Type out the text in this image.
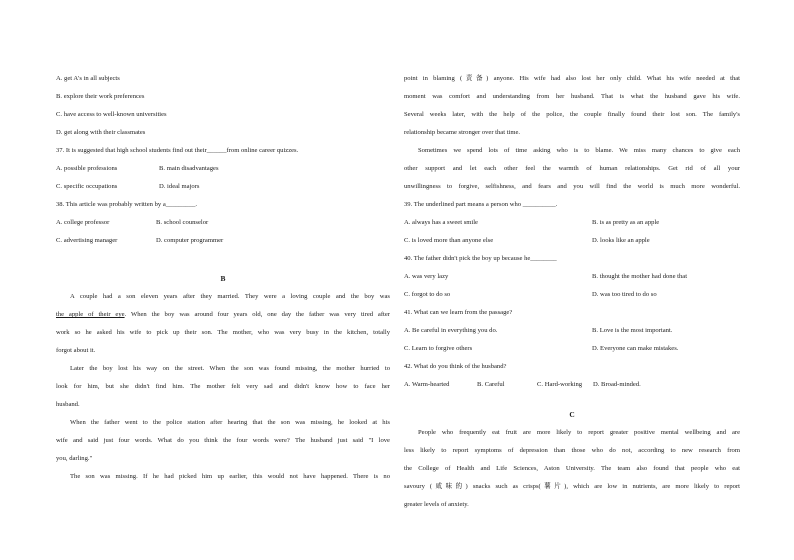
A. get A's in all subjects
B. explore their work preferences
C. have access to well-known universities
D. get along with their classmates
37. It is suggested that high school students find out their______from online career quizzes.
A. possible professions	B. main disadvantages
C. specific occupations	D. ideal majors
38. This article was probably written by a_________.
A. college professor	B. school counselor
C. advertising manager	D. computer programmer
B
A couple had a son eleven years after they married. They were a loving couple and the boy was
the apple of their eye. When the boy was around four years old, one day the father was very tired after
work so he asked his wife to pick up their son. The mother, who was very busy in the kitchen, totally
forgot about it.
Later the boy lost his way on the street. When the son was found missing, the mother hurried to
look for him, but she didn't find him. The mother felt very sad and didn't know how to face her
husband.
When the father went to the police station after hearing that the son was missing, he looked at his
wife and said just four words. What do you think the four words were? The husband just said "I love
you, darling."
The son was missing. If he had picked him up earlier, this would not have happened. There is no
point in blaming (责备) anyone. His wife had also lost her only child. What his wife needed at that
moment was comfort and understanding from her husband. That is what the husband gave his wife.
Several weeks later, with the help of the police, the couple finally found their lost son. The family's
relationship became stronger over that time.
Sometimes we spend lots of time asking who is to blame. We miss many chances to give each
other support and let each other feel the warmth of human relationships. Get rid of all your
unwillingness to forgive, selfishness, and fears and you will find the world is much more wonderful.
39. The underlined part means a person who __________.
A. always has a sweet smile	B. is as pretty as an apple
C. is loved more than anyone else	D. looks like an apple
40. The father didn't pick the boy up because he________
A. was very lazy	B. thought the mother had done that
C. forgot to do so	D. was too tired to do so
41. What can we learn from the passage?
A. Be careful in everything you do.	B. Love is the most important.
C. Learn to forgive others	D. Everyone can make mistakes.
42. What do you think of the husband?
A. Warm-hearted	B. Careful	C. Hard-working	D. Broad-minded.
C
People who frequently eat fruit are more likely to report greater positive mental wellbeing and are
less likely to report symptoms of depression than those who do not, according to new research from
the College of Health and Life Sciences, Aston University. The team also found that people who eat
savoury (咸味的) snacks such as crisps(薯片), which are low in nutrients, are more likely to report
greater levels of anxiety.
